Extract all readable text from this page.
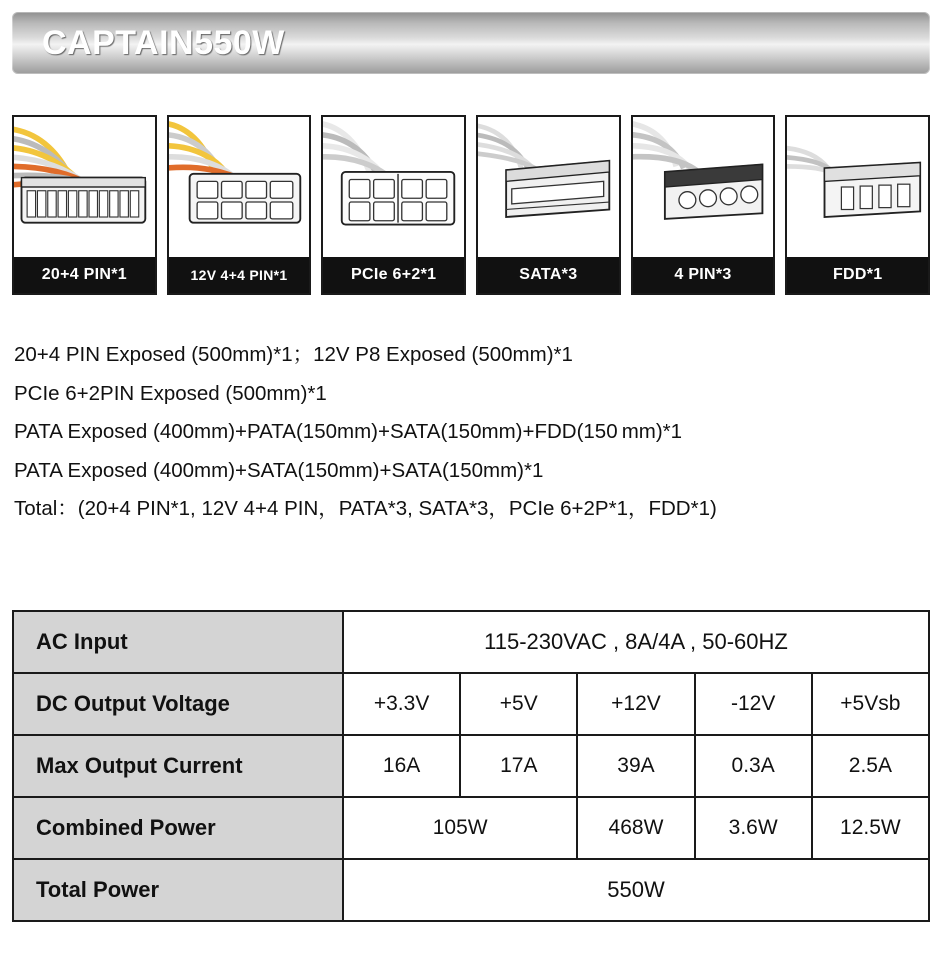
CAPTAIN550W
20+4 PIN*1	12V 4+4 PIN*1	PCIe 6+2*1	SATA*3	4 PIN*3	FDD*1
20+4 PIN Exposed (500mm)*1；12V P8 Exposed (500mm)*1
PCIe 6+2PIN Exposed (500mm)*1
PATA Exposed (400mm)+PATA(150mm)+SATA(150mm)+FDD(150 mm)*1
PATA Exposed (400mm)+SATA(150mm)+SATA(150mm)*1
Total：(20+4 PIN*1, 12V 4+4 PIN，PATA*3, SATA*3，PCIe 6+2P*1，FDD*1)
AC Input	115-230VAC , 8A/4A , 50-60HZ				
DC Output Voltage	+3.3V	+5V	+12V	-12V	+5Vsb
Max Output Current	16A	17A	39A	0.3A	2.5A
Combined Power	105W		468W	3.6W	12.5W
Total Power	550W				
